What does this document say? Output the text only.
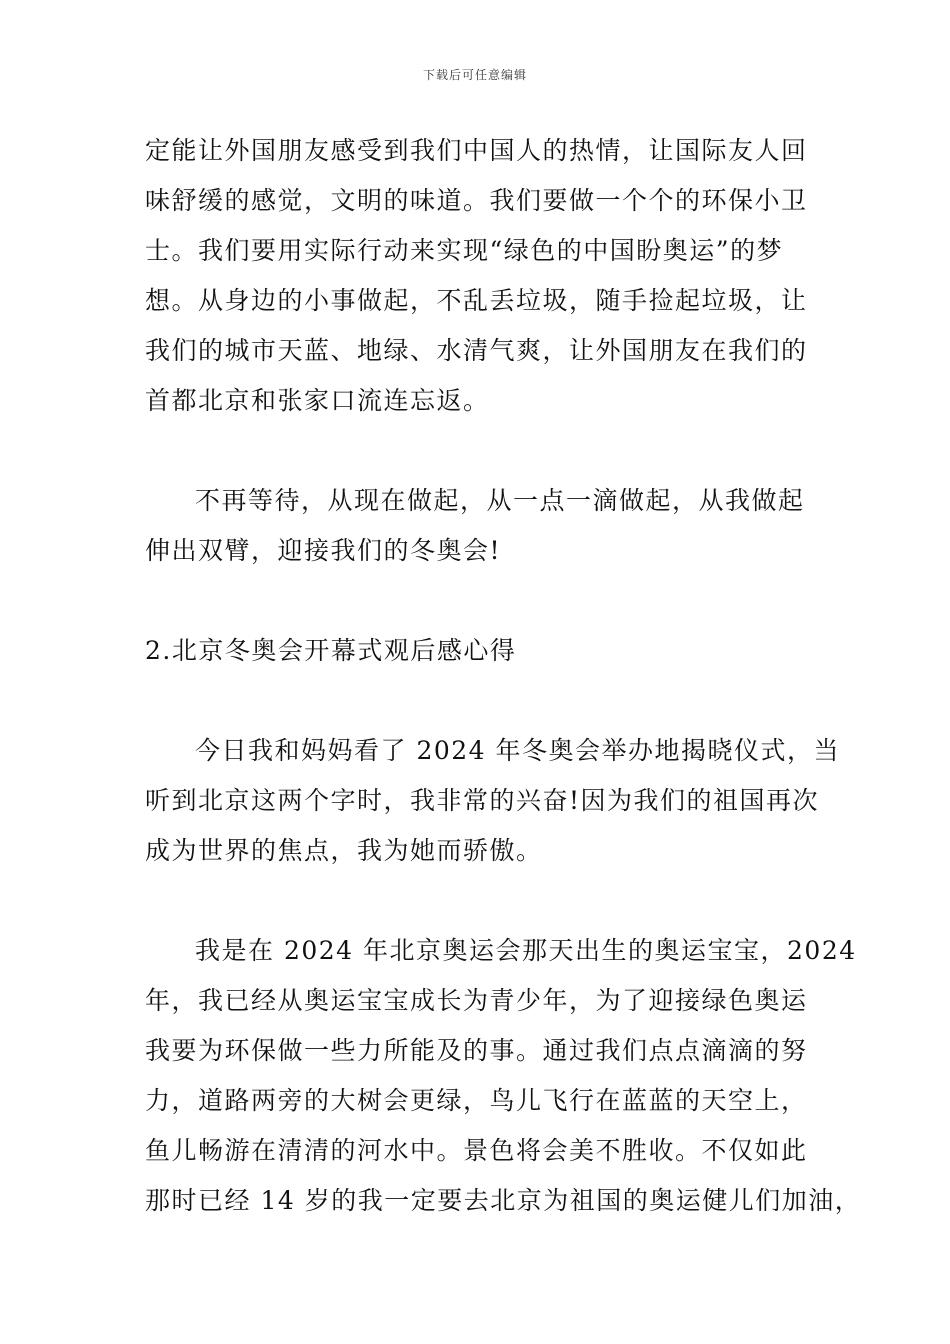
下载后可任意编辑
定能让外国朋友感受到我们中国人的热情，让国际友人回
味舒缓的感觉，文明的味道。我们要做一个个的环保小卫
士。我们要用实际行动来实现“绿色的中国盼奥运”的梦
想。从身边的小事做起，不乱丢垃圾，随手捡起垃圾，让
我们的城市天蓝、地绿、水清气爽，让外国朋友在我们的
首都北京和张家口流连忘返。
不再等待，从现在做起，从一点一滴做起，从我做起
伸出双臂，迎接我们的冬奥会!
2.北京冬奥会开幕式观后感心得
今日我和妈妈看了 2024 年冬奥会举办地揭晓仪式，当
听到北京这两个字时，我非常的兴奋!因为我们的祖国再次
成为世界的焦点，我为她而骄傲。
我是在 2024 年北京奥运会那天出生的奥运宝宝，2024
年，我已经从奥运宝宝成长为青少年，为了迎接绿色奥运
我要为环保做一些力所能及的事。通过我们点点滴滴的努
力，道路两旁的大树会更绿，鸟儿飞行在蓝蓝的天空上，
鱼儿畅游在清清的河水中。景色将会美不胜收。不仅如此
那时已经 14 岁的我一定要去北京为祖国的奥运健儿们加油，
